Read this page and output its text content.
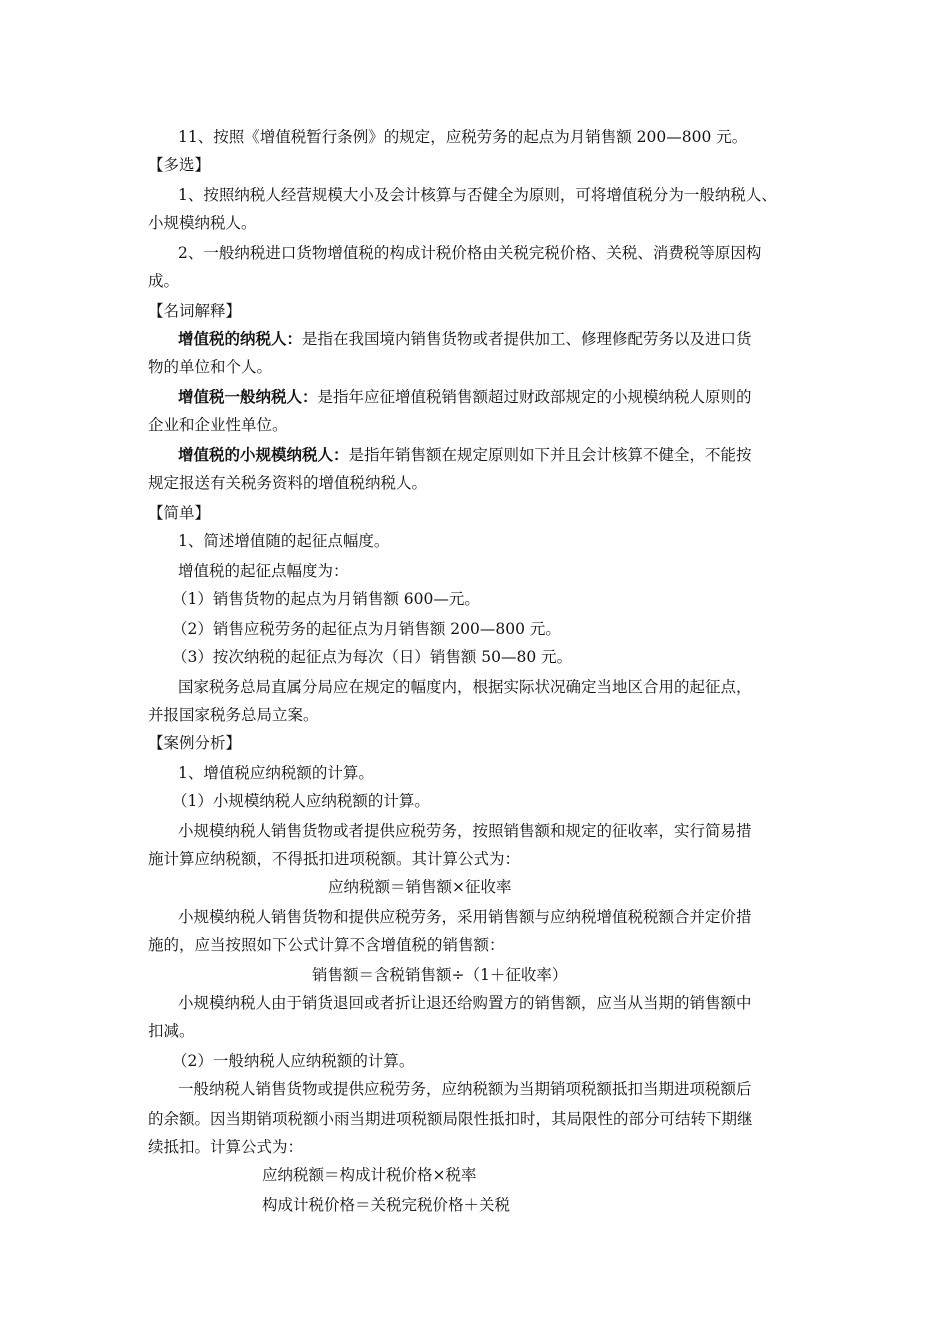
11、按照《增值税暂行条例》的规定，应税劳务的起点为月销售额 200—800 元。
【多选】
1、按照纳税人经营规模大小及会计核算与否健全为原则，可将增值税分为一般纳税人、
小规模纳税人。
2、一般纳税进口货物增值税的构成计税价格由关税完税价格、关税、消费税等原因构
成。
【名词解释】
增值税的纳税人：是指在我国境内销售货物或者提供加工、修理修配劳务以及进口货
物的单位和个人。
增值税一般纳税人：是指年应征增值税销售额超过财政部规定的小规模纳税人原则的
企业和企业性单位。
增值税的小规模纳税人：是指年销售额在规定原则如下并且会计核算不健全，不能按
规定报送有关税务资料的增值税纳税人。
【简单】
1、简述增值随的起征点幅度。
增值税的起征点幅度为：
（1）销售货物的起点为月销售额 600—元。
（2）销售应税劳务的起征点为月销售额 200—800 元。
（3）按次纳税的起征点为每次（日）销售额 50—80 元。
国家税务总局直属分局应在规定的幅度内，根据实际状况确定当地区合用的起征点，
并报国家税务总局立案。
【案例分析】
1、增值税应纳税额的计算。
（1）小规模纳税人应纳税额的计算。
小规模纳税人销售货物或者提供应税劳务，按照销售额和规定的征收率，实行简易措
施计算应纳税额，不得抵扣进项税额。其计算公式为：
应纳税额＝销售额×征收率
小规模纳税人销售货物和提供应税劳务，采用销售额与应纳税增值税税额合并定价措
施的，应当按照如下公式计算不含增值税的销售额：
销售额＝含税销售额÷（1＋征收率）
小规模纳税人由于销货退回或者折让退还给购置方的销售额，应当从当期的销售额中
扣减。
（2）一般纳税人应纳税额的计算。
一般纳税人销售货物或提供应税劳务，应纳税额为当期销项税额抵扣当期进项税额后
的余额。因当期销项税额小雨当期进项税额局限性抵扣时，其局限性的部分可结转下期继
续抵扣。计算公式为：
应纳税额＝构成计税价格×税率
构成计税价格＝关税完税价格＋关税
